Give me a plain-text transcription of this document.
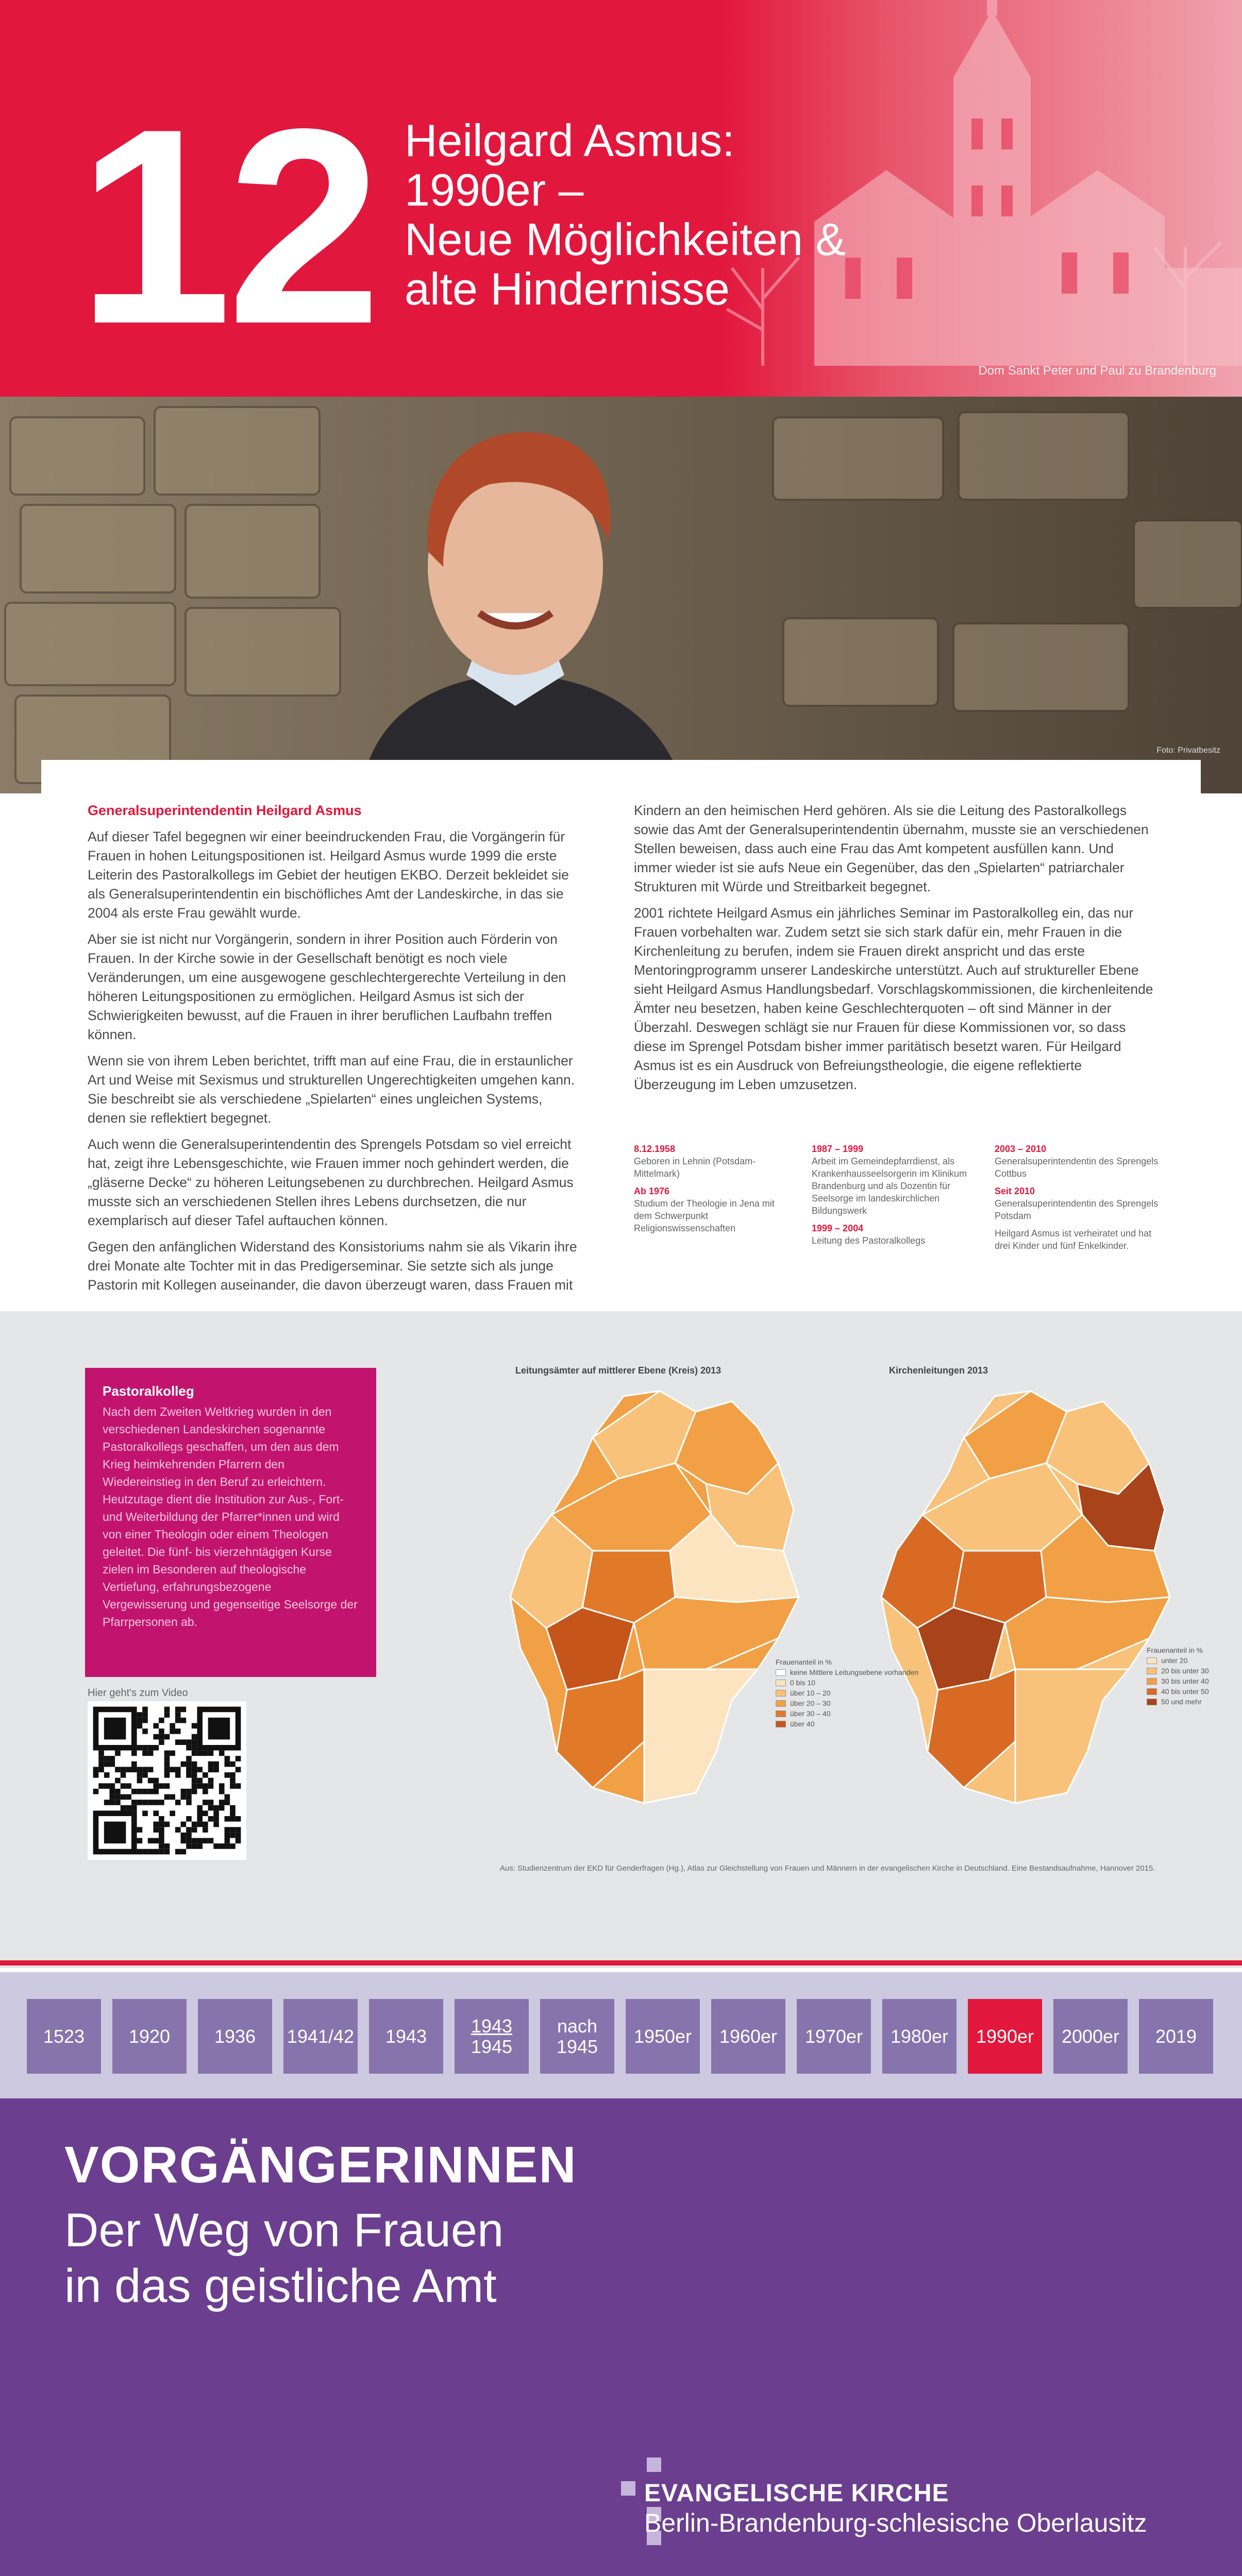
12 Heilgard Asmus:
1990er –
Neue Möglichkeiten &
alte Hindernisse
Dom Sankt Peter und Paul zu Brandenburg
Foto: Privatbesitz
Generalsuperintendentin Heilgard Asmus

Auf dieser Tafel begegnen wir einer beeindruckenden Frau, die Vorgängerin für Frauen in hohen Leitungspositionen ist. Heilgard Asmus wurde 1999 die erste Leiterin des Pastoralkollegs im Gebiet der heutigen EKBO. Derzeit bekleidet sie als Generalsuperintendentin ein bischöfliches Amt der Landeskirche, in das sie 2004 als erste Frau gewählt wurde.

Aber sie ist nicht nur Vorgängerin, sondern in ihrer Position auch Förderin von Frauen. In der Kirche sowie in der Gesellschaft benötigt es noch viele Veränderungen, um eine ausgewogene geschlechtergerechte Verteilung in den höheren Leitungspositionen zu ermöglichen. Heilgard Asmus ist sich der Schwierigkeiten bewusst, auf die Frauen in ihrer beruflichen Laufbahn treffen können.

Wenn sie von ihrem Leben berichtet, trifft man auf eine Frau, die in erstaunlicher Art und Weise mit Sexismus und strukturellen Ungerechtigkeiten umgehen kann. Sie beschreibt sie als verschiedene „Spielarten“ eines ungleichen Systems, denen sie reflektiert begegnet.

Auch wenn die Generalsuperintendentin des Sprengels Potsdam so viel erreicht hat, zeigt ihre Lebensgeschichte, wie Frauen immer noch gehindert werden, die „gläserne Decke“ zu höheren Leitungsebenen zu durchbrechen. Heilgard Asmus musste sich an verschiedenen Stellen ihres Lebens durchsetzen, die nur exemplarisch auf dieser Tafel auftauchen können.

Gegen den anfänglichen Widerstand des Konsistoriums nahm sie als Vikarin ihre drei Monate alte Tochter mit in das Predigerseminar. Sie setzte sich als junge Pastorin mit Kollegen auseinander, die davon überzeugt waren, dass Frauen mit

Kindern an den heimischen Herd gehören. Als sie die Leitung des Pastoralkollegs sowie das Amt der Generalsuperintendentin übernahm, musste sie an verschiedenen Stellen beweisen, dass auch eine Frau das Amt kompetent ausfüllen kann. Und immer wieder ist sie aufs Neue ein Gegenüber, das den „Spielarten“ patriarchaler Strukturen mit Würde und Streitbarkeit begegnet.

2001 richtete Heilgard Asmus ein jährliches Seminar im Pastoralkolleg ein, das nur Frauen vorbehalten war. Zudem setzt sie sich stark dafür ein, mehr Frauen in die Kirchenleitung zu berufen, indem sie Frauen direkt anspricht und das erste Mentoringprogramm unserer Landeskirche unterstützt. Auch auf struktureller Ebene sieht Heilgard Asmus Handlungsbedarf. Vorschlagskommissionen, die kirchenleitende Ämter neu besetzen, haben keine Geschlechterquoten – oft sind Männer in der Überzahl. Deswegen schlägt sie nur Frauen für diese Kommissionen vor, so dass diese im Sprengel Potsdam bisher immer paritätisch besetzt waren. Für Heilgard Asmus ist es ein Ausdruck von Befreiungstheologie, die eigene reflektierte Überzeugung im Leben umzusetzen.

8.12.1958
Geboren in Lehnin (Potsdam-Mittelmark)
Ab 1976
Studium der Theologie in Jena mit dem Schwerpunkt Religionswissenschaften
1987 – 1999
Arbeit im Gemeindepfarrdienst, als Krankenhausseelsorgerin im Klinikum Brandenburg und als Dozentin für Seelsorge im landeskirchlichen Bildungswerk
1999 – 2004
Leitung des Pastoralkollegs
2003 – 2010
Generalsuperintendentin des Sprengels Cottbus
Seit 2010
Generalsuperintendentin des Sprengels Potsdam
Heilgard Asmus ist verheiratet und hat drei Kinder und fünf Enkelkinder.
Pastoralkolleg
Nach dem Zweiten Weltkrieg wurden in den verschiedenen Landeskirchen sogenannte Pastoralkollegs geschaffen, um den aus dem Krieg heimkehrenden Pfarrern den Wiedereinstieg in den Beruf zu erleichtern. Heutzutage dient die Institution zur Aus-, Fort- und Weiterbildung der Pfarrer*innen und wird von einer Theologin oder einem Theologen geleitet. Die fünf- bis vierzehntägigen Kurse zielen im Besonderen auf theologische Vertiefung, erfahrungsbezogene Vergewisserung und gegenseitige Seelsorge der Pfarrpersonen ab.
Hier geht's zum Video
Leitungsämter auf mittlerer Ebene (Kreis) 2013	Kirchenleitungen 2013
Frauenanteil in %
keine Mittlere Leitungsebene vorhanden
0 bis 10
über 10 – 20
über 20 – 30
über 30 – 40
über 40
Frauenanteil in %
unter 20
20 bis unter 30
30 bis unter 40
40 bis unter 50
50 und mehr
Aus: Studienzentrum der EKD für Genderfragen (Hg.), Atlas zur Gleichstellung von Frauen und Männern in der evangelischen Kirche in Deutschland. Eine Bestandsaufnahme, Hannover 2015.
1523	1920	1936	1941/42	1943	1943
1945
nach
1945	1950er	1960er	1970er	1980er	1990er	2000er	2019
VORGÄNGERINNEN
Der Weg von Frauen
in das geistliche Amt
EVANGELISCHE KIRCHE
Berlin-Brandenburg-schlesische Oberlausitz
